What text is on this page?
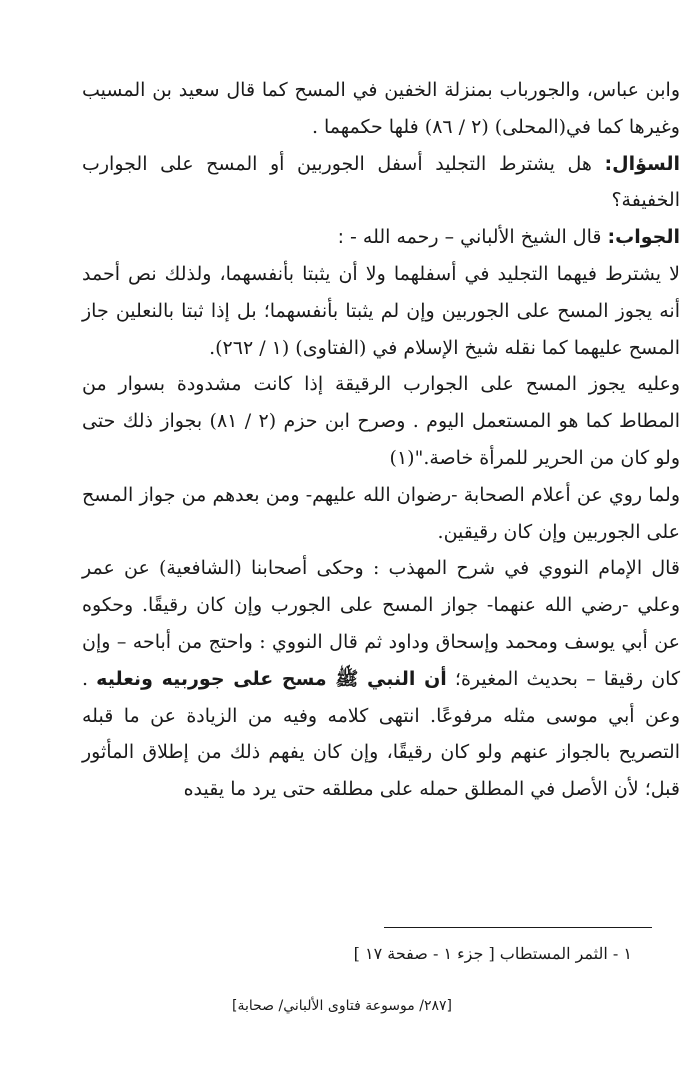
وابن عباس، والجورباب بمنزلة الخفين في المسح كما قال سعيد بن المسيب وغيرها كما في(المحلى) (٢ / ٨٦) فلها حكمهما .

السؤال: هل يشترط التجليد أسفل الجوربين أو المسح على الجوارب الخفيفة؟

الجواب: قال الشيخ الألباني – رحمه الله - :

لا يشترط فيهما التجليد في أسفلهما ولا أن يثبتا بأنفسهما، ولذلك نص أحمد أنه يجوز المسح على الجوربين وإن لم يثبتا بأنفسهما؛ بل إذا ثبتا بالنعلين جاز المسح عليهما كما نقله شيخ الإسلام في (الفتاوى) (١ / ٢٦٢).

وعليه يجوز المسح على الجوارب الرقيقة إذا كانت مشدودة بسوار من المطاط كما هو المستعمل اليوم . وصرح ابن حزم (٢ / ٨١) بجواز ذلك حتى ولو كان من الحرير للمرأة خاصة."(١)

ولما روي عن أعلام الصحابة -رضوان الله عليهم- ومن بعدهم من جواز المسح على الجوربين وإن كان رقيقين.

قال الإمام النووي في شرح المهذب : وحكى أصحابنا (الشافعية) عن عمر وعلي -رضي الله عنهما- جواز المسح على الجورب وإن كان رقيقًا. وحكوه عن أبي يوسف ومحمد وإسحاق وداود ثم قال النووي : واحتج من أباحه – وإن كان رقيقا – بحديث المغيرة؛ أن النبي ﷺ مسح على جوربيه ونعليه . وعن أبي موسى مثله مرفوعًا. انتهى كلامه وفيه من الزيادة عن ما قبله التصريح بالجواز عنهم ولو كان رقيقًا، وإن كان يفهم ذلك من إطلاق المأثور قبل؛ لأن الأصل في المطلق حمله على مطلقه حتى يرد ما يقيده

١ - الثمر المستطاب [ جزء ١ - صفحة ١٧ ]
[٢٨٧/ موسوعة فتاوى الألباني/ صحابة]
